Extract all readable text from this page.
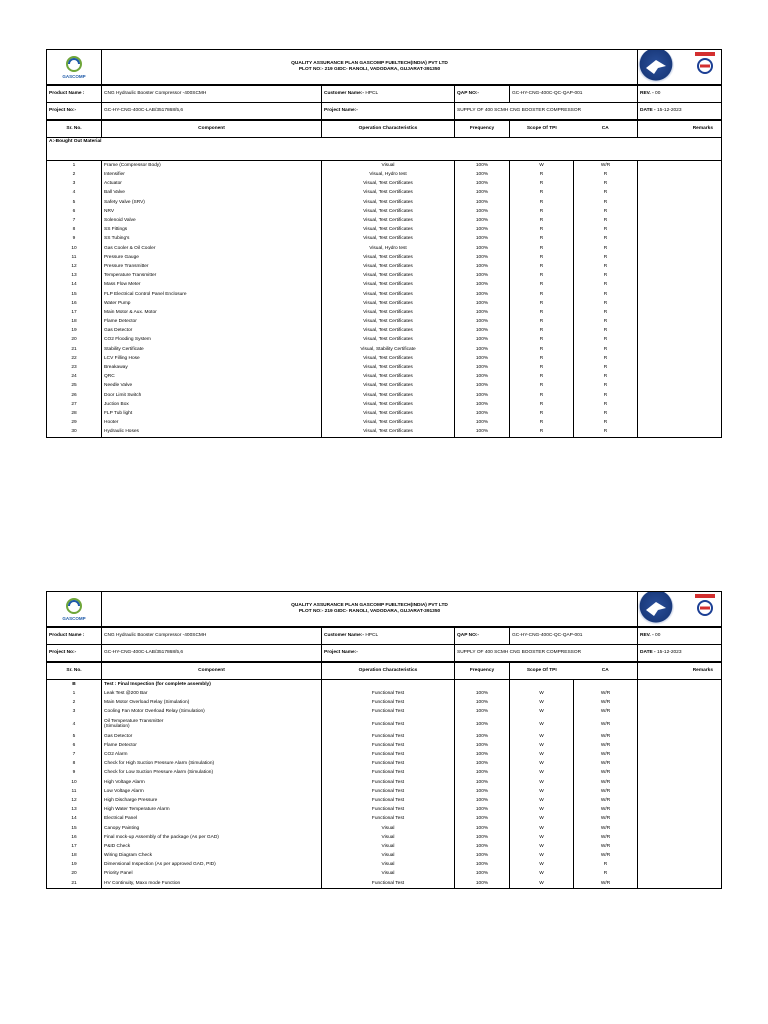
GASCOMP

QUALITY ASSURANCE PLAN GASCOMP FUELTECH(INDIA) PVT LTD
PLOT NO:- 219 GIDC- RANOLI, VADODARA, GUJARAT-391350

Product Name :	CNG Hydraulic Booster Compressor -400SCMH	Customer Name:- HPCL	QAP NO:-	GC-HY-CNG-400C-QC-QAP-001	REV. - 00
Project No:-	GC-HY-CNG-400C-LAB/3517868/5,6	Project Name:-	SUPPLY OF 400 SCMH CNG BOOSTER COMPRESSOR		DATE - 15-12-2023
Sr. No.	Component	Operation Characteristics	Frequency	Scope Of TPI	CA	Remarks
A:-Bought Out Material
1	Frame (Compressor Body)	Visual	100%	W	W/R	
2	Intensifier	Visual, Hydro test	100%	R	R	
3	Actuator	Visual, Test Certificates	100%	R	R	
4	Ball Valve	Visual, Test Certificates	100%	R	R	
5	Safety Valve (SRV)	Visual, Test Certificates	100%	R	R	
6	NRV	Visual, Test Certificates	100%	R	R	
7	Solenoid Valve	Visual, Test Certificates	100%	R	R	
8	SS Fittings	Visual, Test Certificates	100%	R	R	
9	SS Tubing's	Visual, Test Certificates	100%	R	R	
10	Gas Cooler & Oil Cooler	Visual, Hydro test	100%	R	R	
11	Pressure Gauge	Visual, Test Certificates	100%	R	R	
12	Pressure Transmitter	Visual, Test Certificates	100%	R	R	
13	Temperature Transmitter	Visual, Test Certificates	100%	R	R	
14	Mass Flow Meter	Visual, Test Certificates	100%	R	R	
15	FLP Electrical Control Panel Enclosure	Visual, Test Certificates	100%	R	R	
16	Water Pump	Visual, Test Certificates	100%	R	R	
17	Main Motor & Aux. Motor	Visual, Test Certificates	100%	R	R	
18	Flame Detector	Visual, Test Certificates	100%	R	R	
19	Gas Detector	Visual, Test Certificates	100%	R	R	
20	CO2 Flooding System	Visual, Test Certificates	100%	R	R	
21	Stability Certificate	Visual, Stability Certificate	100%	R	R	
22	LCV Filling Hose	Visual, Test Certificates	100%	R	R	
23	Breakaway	Visual, Test Certificates	100%	R	R	
24	QRC	Visual, Test Certificates	100%	R	R	
25	Needle Valve	Visual, Test Certificates	100%	R	R	
26	Door Limit Switch	Visual, Test Certificates	100%	R	R	
27	Juction Box	Visual, Test Certificates	100%	R	R	
28	FLP Tub light	Visual, Test Certificates	100%	R	R	
29	Hooter	Visual, Test Certificates	100%	R	R	
30	Hydraulic Hoses	Visual, Test Certificates	100%	R	R	
GASCOMP

QUALITY ASSURANCE PLAN GASCOMP FUELTECH(INDIA) PVT LTD
PLOT NO:- 219 GIDC- RANOLI, VADODARA, GUJARAT-391350

Product Name :	CNG Hydraulic Booster Compressor -400SCMH	Customer Name:- HPCL	QAP NO:-	GC-HY-CNG-400C-QC-QAP-001	REV. - 00
Project No:-	GC-HY-CNG-400C-LAB/3517868/5,6	Project Name:-	SUPPLY OF 400 SCMH CNG BOOSTER COMPRESSOR		DATE - 15-12-2023
Sr. No.	Component	Operation Characteristics	Frequency	Scope Of TPI	CA	Remarks
B	Test : Final Inspection (for complete assembly)					
1	Leak Test @200 Bar	Functional Test	100%	W	W/R	
2	Main Motor Overload Relay (Simulation)	Functional Test	100%	W	W/R	
3	Cooling Fan Motor Overload Relay (Simulation)	Functional Test	100%	W	W/R	
4	Oil Temperature Transmitter
(Simulation)	Functional Test	100%	W	W/R	
5	Gas Detector	Functional Test	100%	W	W/R	
6	Flame Detector	Functional Test	100%	W	W/R	
7	CO2 Alarm	Functional Test	100%	W	W/R	
8	Check for High Suction Pressure Alarm (Simulation)	Functional Test	100%	W	W/R	
9	Check for Low Suction Pressure Alarm (Simulation)	Functional Test	100%	W	W/R	
10	High Voltage Alarm	Functional Test	100%	W	W/R	
11	Low Voltage Alarm	Functional Test	100%	W	W/R	
12	High Discharge Pressure	Functional Test	100%	W	W/R	
13	High Water Temperature Alarm	Functional Test	100%	W	W/R	
14	Electrical Panel	Functional Test	100%	W	W/R	
15	Canopy Painting	Visual	100%	W	W/R	
16	Final mock-up Assembly of the package (As per GAD)	Visual	100%	W	W/R	
17	P&ID Check	Visual	100%	W	W/R	
18	Wiring Diagram Check	Visual	100%	W	W/R	
19	Dimensional Inspection (As per approved GAD, PID)	Visual	100%	W	R	
20	Priority Panel	Visual	100%	W	R	
21	HV Continuity, Maxx mode Function	Functional Test	100%	W	W/R	
